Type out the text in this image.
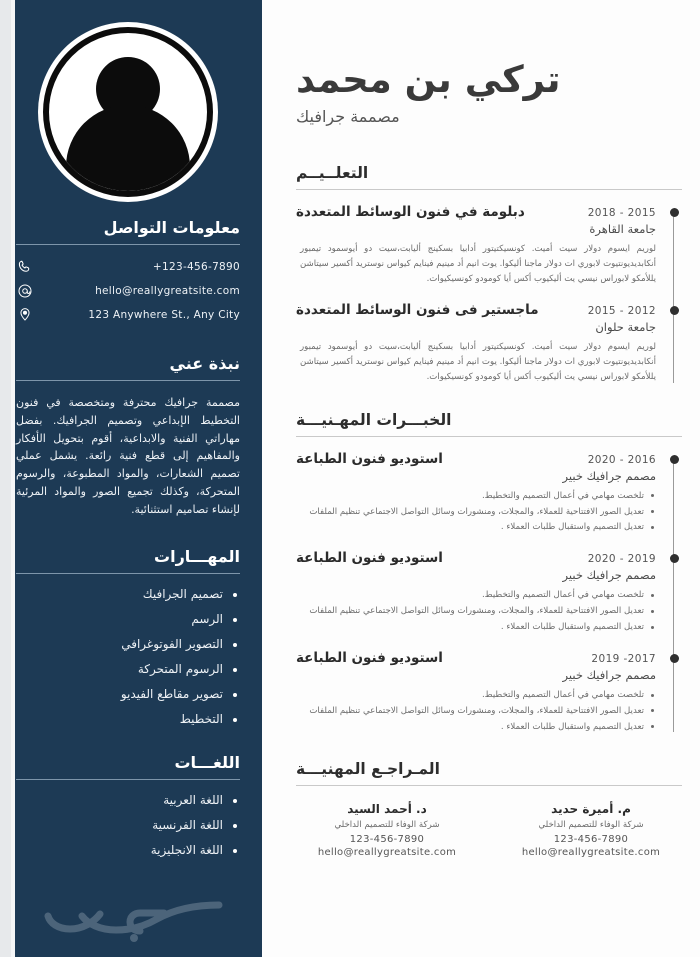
معلومات التواصل
+123-456-7890
hello@reallygreatsite.com
123 Anywhere St., Any City
نبذة عني

مصممة جرافيك محترفة ومتخصصة في فنون التخطيط الإبداعي وتصميم الجرافيك. بفضل مهاراتي الفنية والابداعية، أقوم بتحويل الأفكار والمفاهيم إلى قطع فنية رائعة. يشمل عملي تصميم الشعارات، والمواد المطبوعة، والرسوم المتحركة، وكذلك تجميع الصور والمواد المرئية لإنشاء تصاميم استثنائية.

المهـــارات
تصميم الجرافيك
الرسم
التصوير الفوتوغرافي
الرسوم المتحركة
تصوير مقاطع الفيديو
التخطيط
اللغـــات
اللغة العربية
اللغة الفرنسية
اللغة الانجليزية
تركي بن محمد
مصممة جرافيك
التعلــيــم
دبلومة في فنون الوسائط المتعددة	2018 - 2015
جامعة القاهرة

لوريم ايسوم دولار سيت أميت. كونسيكتيتور أدابيا بسكينج أليابت،سيت دو أيوسمود تيمبور أنكابديديونتيوت لابوري ات دولار ماجنا أليكوا. يوت انيم أد مينيم فينايم كيواس نوستريد أكسير سيتاشن يللأمكو لابوراس نيسي يت أليكيوب أكس أيا كومودو كونسيكيوات.

ماجستير فى فنون الوسائط المتعددة	2015 - 2012
جامعة حلوان

لوريم ايسوم دولار سيت أميت. كونسيكتيتور أدابيا بسكينج أليابت،سيت دو أيوسمود تيمبور أنكابديديونتيوت لابوري ات دولار ماجنا أليكوا. يوت انيم أد مينيم فينايم كيواس نوستريد أكسير سيتاشن يللأمكو لابوراس نيسي يت أليكيوب أكس أيا كومودو كونسيكيوات.

الخبـــرات المهـنيـــة
استوديو فنون الطباعة	2020 - 2016
مصمم جرافيك خبير
تلخصت مهامي في أعمال التصميم والتخطيط.
تعديل الصور الافتتاحية للعملاء، والمجلات، ومنشورات وسائل التواصل الاجتماعي تنظيم الملفات
تعديل التصميم واستقبال طلبات العملاء .
استوديو فنون الطباعة	2020 - 2019
مصمم جرافيك خبير
تلخصت مهامي في أعمال التصميم والتخطيط.
تعديل الصور الافتتاحية للعملاء، والمجلات، ومنشورات وسائل التواصل الاجتماعي تنظيم الملفات
تعديل التصميم واستقبال طلبات العملاء .
استوديو فنون الطباعة	2019 -2017
مصمم جرافيك خبير
تلخصت مهامي في أعمال التصميم والتخطيط.
تعديل الصور الافتتاحية للعملاء، والمجلات، ومنشورات وسائل التواصل الاجتماعي تنظيم الملفات
تعديل التصميم واستقبال طلبات العملاء .
المـراجـع المهنيـــة
د. أحمد السيد
شركة الوفاء للتصميم الداخلي
123-456-7890
hello@reallygreatsite.com
م. أميرة حديد
شركة الوفاء للتصميم الداخلي
123-456-7890
hello@reallygreatsite.com
